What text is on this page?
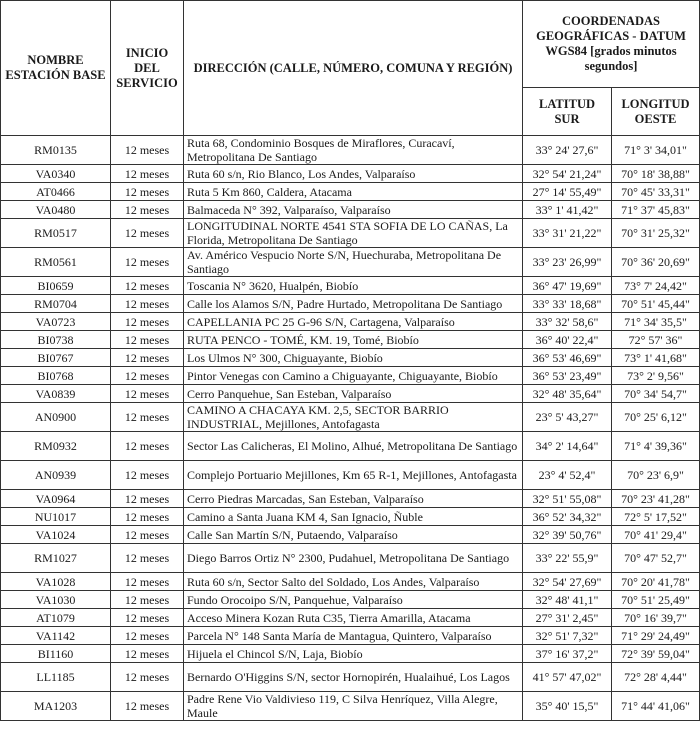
NOMBRE ESTACIÓN BASE	INICIO DEL SERVICIO	DIRECCIÓN (CALLE, NÚMERO, COMUNA Y REGIÓN)	COORDENADAS GEOGRÁFICAS - DATUM WGS84 [grados minutos segundos]	
			LATITUD SUR	LONGITUD OESTE
RM0135	12 meses	Ruta 68, Condominio Bosques de Miraflores, Curacaví, Metropolitana De Santiago	33° 24' 27,6"	71° 3' 34,01"
VA0340	12 meses	Ruta 60 s/n, Rio Blanco, Los Andes, Valparaíso	32° 54' 21,24"	70° 18' 38,88"
AT0466	12 meses	Ruta 5 Km 860, Caldera, Atacama	27° 14' 55,49"	70° 45' 33,31"
VA0480	12 meses	Balmaceda N° 392, Valparaíso, Valparaíso	33° 1' 41,42"	71° 37' 45,83"
RM0517	12 meses	LONGITUDINAL NORTE 4541 STA SOFIA DE LO CAÑAS, La Florida, Metropolitana De Santiago	33° 31' 21,22"	70° 31' 25,32"
RM0561	12 meses	Av. Américo Vespucio Norte S/N, Huechuraba, Metropolitana De Santiago	33° 23' 26,99"	70° 36' 20,69"
BI0659	12 meses	Toscania N° 3620, Hualpén, Biobío	36° 47' 19,69"	73° 7' 24,42"
RM0704	12 meses	Calle los Alamos S/N, Padre Hurtado, Metropolitana De Santiago	33° 33' 18,68"	70° 51' 45,44"
VA0723	12 meses	CAPELLANIA PC 25 G-96 S/N, Cartagena, Valparaíso	33° 32' 58,6"	71° 34' 35,5"
BI0738	12 meses	RUTA PENCO - TOMÉ, KM. 19, Tomé, Biobío	36° 40' 22,4"	72° 57' 36"
BI0767	12 meses	Los Ulmos N° 300, Chiguayante, Biobío	36° 53' 46,69"	73° 1' 41,68"
BI0768	12 meses	Pintor Venegas con Camino a Chiguayante, Chiguayante, Biobío	36° 53' 23,49"	73° 2' 9,56"
VA0839	12 meses	Cerro Panquehue, San Esteban, Valparaíso	32° 48' 35,64"	70° 34' 54,7"
AN0900	12 meses	CAMINO A CHACAYA KM. 2,5, SECTOR BARRIO INDUSTRIAL, Mejillones, Antofagasta	23° 5' 43,27"	70° 25' 6,12"
RM0932	12 meses	Sector Las Calicheras, El Molino, Alhué, Metropolitana De Santiago	34° 2' 14,64"	71° 4' 39,36"
AN0939	12 meses	Complejo Portuario Mejillones, Km 65 R-1, Mejillones, Antofagasta	23° 4' 52,4"	70° 23' 6,9"
VA0964	12 meses	Cerro Piedras Marcadas, San Esteban, Valparaíso	32° 51' 55,08"	70° 23' 41,28"
NU1017	12 meses	Camino a Santa Juana KM 4, San Ignacio, Ñuble	36° 52' 34,32"	72° 5' 17,52"
VA1024	12 meses	Calle San Martín S/N, Putaendo, Valparaíso	32° 39' 50,76"	70° 41' 29,4"
RM1027	12 meses	Diego Barros Ortiz N° 2300, Pudahuel, Metropolitana De Santiago	33° 22' 55,9"	70° 47' 52,7"
VA1028	12 meses	Ruta 60 s/n, Sector Salto del Soldado, Los Andes, Valparaíso	32° 54' 27,69"	70° 20' 41,78"
VA1030	12 meses	Fundo Orocoipo S/N, Panquehue, Valparaíso	32° 48' 41,1"	70° 51' 25,49"
AT1079	12 meses	Acceso Minera Kozan Ruta C35, Tierra Amarilla, Atacama	27° 31' 2,45"	70° 16' 39,7"
VA1142	12 meses	Parcela N° 148 Santa María de Mantagua, Quintero, Valparaíso	32° 51' 7,32"	71° 29' 24,49"
BI1160	12 meses	Hijuela el Chincol S/N, Laja, Biobío	37° 16' 37,2"	72° 39' 59,04"
LL1185	12 meses	Bernardo O'Higgins S/N, sector Hornopirén, Hualaihué, Los Lagos	41° 57' 47,02"	72° 28' 4,44"
MA1203	12 meses	Padre Rene Vio Valdivieso 119, C Silva Henríquez, Villa Alegre, Maule	35° 40' 15,5"	71° 44' 41,06"
